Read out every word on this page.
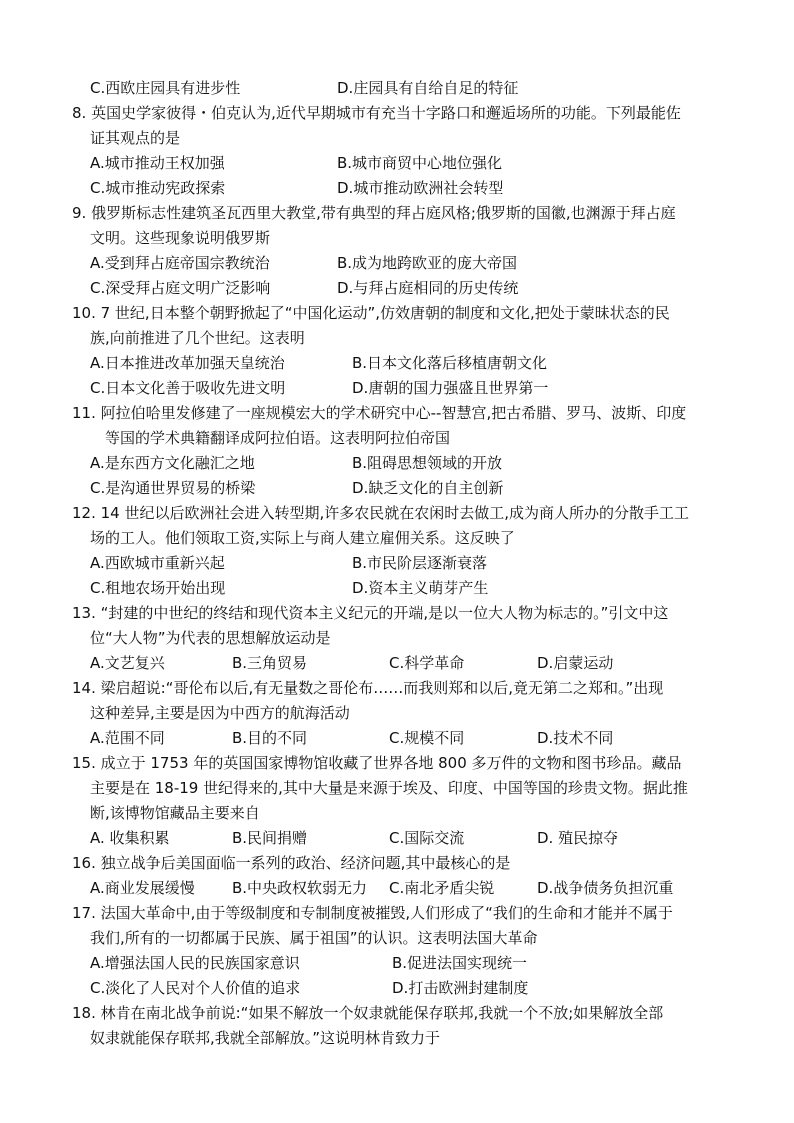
C.西欧庄园具有进步性	D.庄园具有自给自足的特征
8. 英国史学家彼得・伯克认为,近代早期城市有充当十字路口和邂逅场所的功能。下列最能佐
证其观点的是
A.城市推动王权加强	B.城市商贸中心地位强化
C.城市推动宪政探索	D.城市推动欧洲社会转型
9. 俄罗斯标志性建筑圣瓦西里大教堂,带有典型的拜占庭风格;俄罗斯的国徽,也渊源于拜占庭
文明。这些现象说明俄罗斯
A.受到拜占庭帝国宗教统治	B.成为地跨欧亚的庞大帝国
C.深受拜占庭文明广泛影响	D.与拜占庭相同的历史传统
10. 7 世纪,日本整个朝野掀起了“中国化运动”,仿效唐朝的制度和文化,把处于蒙昧状态的民
族,向前推进了几个世纪。这表明
A.日本推进改革加强天皇统治	B.日本文化落后移植唐朝文化
C.日本文化善于吸收先进文明	D.唐朝的国力强盛且世界第一
11. 阿拉伯哈里发修建了一座规模宏大的学术研究中心--智慧宫,把古希腊、罗马、波斯、印度
等国的学术典籍翻译成阿拉伯语。这表明阿拉伯帝国
A.是东西方文化融汇之地	B.阻碍思想领域的开放
C.是沟通世界贸易的桥梁	D.缺乏文化的自主创新
12. 14 世纪以后欧洲社会进入转型期,许多农民就在农闲时去做工,成为商人所办的分散手工工
场的工人。他们领取工资,实际上与商人建立雇佣关系。这反映了
A.西欧城市重新兴起	B.市民阶层逐渐衰落
C.租地农场开始出现	D.资本主义萌芽产生
13. “封建的中世纪的终结和现代资本主义纪元的开端,是以一位大人物为标志的。”引文中这
位“大人物”为代表的思想解放运动是
A.文艺复兴	B.三角贸易	C.科学革命	D.启蒙运动
14. 梁启超说:“哥伦布以后,有无量数之哥伦布……而我则郑和以后,竟无第二之郑和。”出现
这种差异,主要是因为中西方的航海活动
A.范围不同	B.目的不同	C.规模不同	D.技术不同
15. 成立于 1753 年的英国国家博物馆收藏了世界各地 800 多万件的文物和图书珍品。藏品
主要是在 18-19 世纪得来的,其中大量是来源于埃及、印度、中国等国的珍贵文物。据此推
断,该博物馆藏品主要来自
A. 收集积累	B.民间捐赠	C.国际交流	D. 殖民掠夺
16. 独立战争后美国面临一系列的政治、经济问题,其中最核心的是
A.商业发展缓慢 B.中央政权软弱无力 C.南北矛盾尖锐	D.战争债务负担沉重
17. 法国大革命中,由于等级制度和专制制度被摧毁,人们形成了“我们的生命和才能并不属于
我们,所有的一切都属于民族、属于祖国”的认识。这表明法国大革命
A.增强法国人民的民族国家意识	B.促进法国实现统一
C.淡化了人民对个人价值的追求	D.打击欧洲封建制度
18. 林肯在南北战争前说:“如果不解放一个奴隶就能保存联邦,我就一个不放;如果解放全部
奴隶就能保存联邦,我就全部解放。”这说明林肯致力于
